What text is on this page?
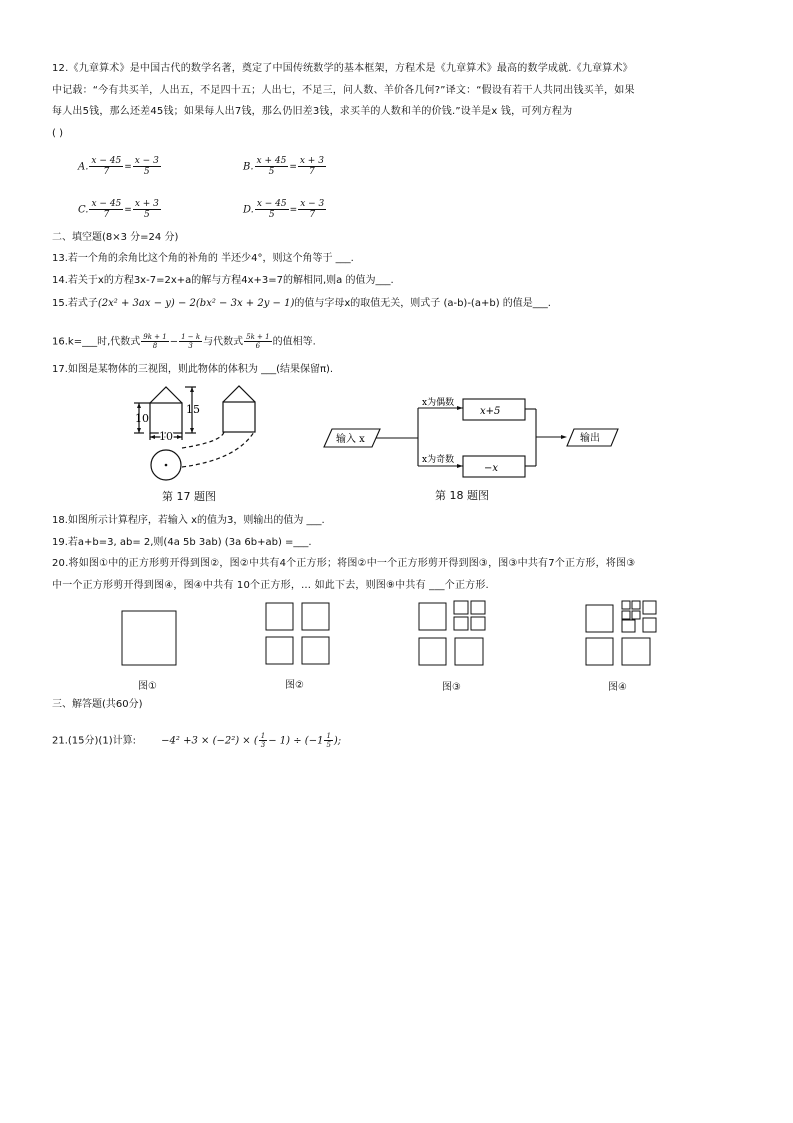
12.《九章算术》是中国古代的数学名著，奠定了中国传统数学的基本框架，方程术是《九章算术》最高的数学成就.《九章算术》
中记载：“今有共买羊，人出五，不足四十五；人出七，不足三，问人数、羊价各几何?”译文：“假设有若干人共同出钱买羊，如果
每人出5钱，那么还差45钱；如果每人出7钱，那么仍旧差3钱，求买羊的人数和羊的价钱.”设羊是x 钱，可列方程为
( )
A. $\frac{x - 45}{7} = \frac{x - 3}{5}$	B. $\frac{x + 45}{5} = \frac{x + 3}{7}$
C. $\frac{x - 45}{7} = \frac{x + 3}{5}$	D. $\frac{x - 45}{5} = \frac{x - 3}{7}$
二、填空题(8×3 分=24 分)
13.若一个角的余角比这个角的补角的 半还少4°，则这个角等于 ___.
14.若关于x的方程3x-7=2x+a的解与方程4x+3=7的解相同,则a 的值为___.
15.若式子(2x² + 3ax − y) − 2(bx² − 3x + 2y − 1)的值与字母x的取值无关，则式子 (a-b)-(a+b) 的值是___.
16.k=___时,代数式 $\frac{9k + 1}{8} - \frac{1 - k}{3}$ 与代数式 $\frac{5k + 1}{6}$ 的值相等.
17.如图是某物体的三视图，则此物体的体积为 ___(结果保留π).
10
15
10
第 17 题图
输入 x
x为偶数
x为奇数
x+5
−x
输出
第 18 题图
18.如图所示计算程序，若输入 x的值为3，则输出的值为 ___.
19.若a+b=3, ab= 2,则(4a 5b 3ab) (3a 6b+ab) =___.
20.将如图①中的正方形剪开得到图②，图②中共有4个正方形；将图②中一个正方形剪开得到图③，图③中共有7个正方形，将图③
中一个正方形剪开得到图④，图④中共有 10个正方形，… 如此下去，则图⑨中共有 ___个正方形.
图①	图②	图③	图④
三、解答题(共60分)
21.(15分)(1)计算:	−4² +3 × (−2²) × ( $\frac{1}{3} - 1) \div (-1 \frac{1}{5}$ );
